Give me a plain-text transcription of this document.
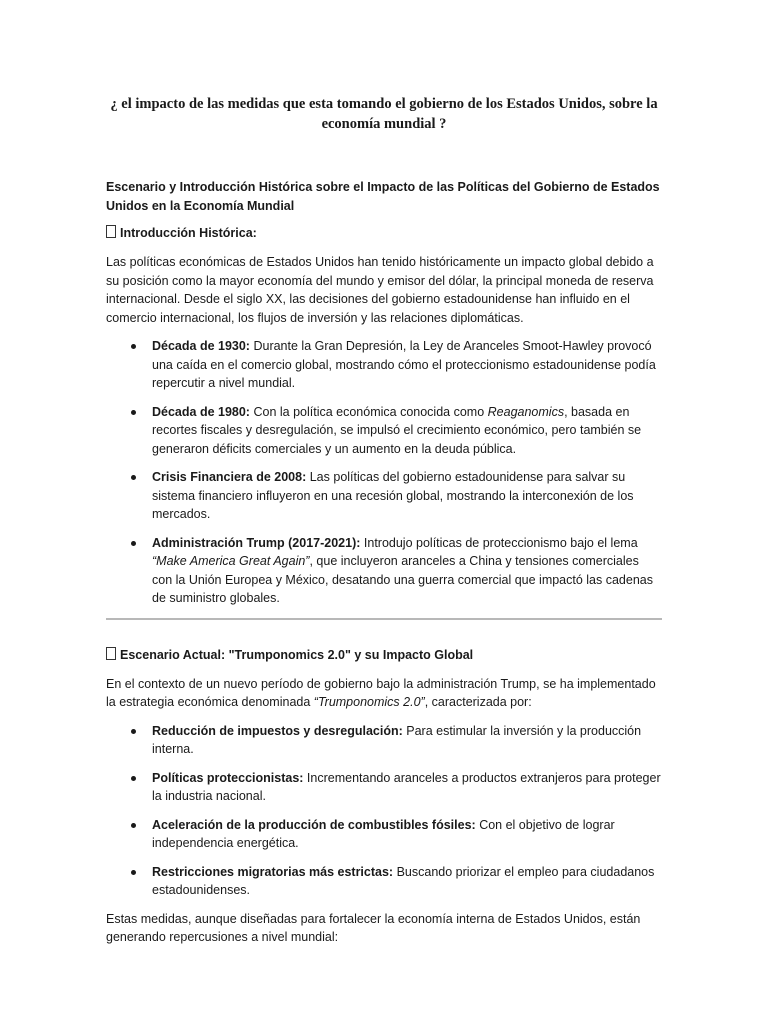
¿ el impacto de las medidas que esta tomando el gobierno de los Estados Unidos, sobre la economía mundial ?
Escenario y Introducción Histórica sobre el Impacto de las Políticas del Gobierno de Estados Unidos en la Economía Mundial
Introducción Histórica:

Las políticas económicas de Estados Unidos han tenido históricamente un impacto global debido a su posición como la mayor economía del mundo y emisor del dólar, la principal moneda de reserva internacional. Desde el siglo XX, las decisiones del gobierno estadounidense han influido en el comercio internacional, los flujos de inversión y las relaciones diplomáticas.

Década de 1930: Durante la Gran Depresión, la Ley de Aranceles Smoot-Hawley provocó una caída en el comercio global, mostrando cómo el proteccionismo estadounidense podía repercutir a nivel mundial.
Década de 1980: Con la política económica conocida como Reaganomics, basada en recortes fiscales y desregulación, se impulsó el crecimiento económico, pero también se generaron déficits comerciales y un aumento en la deuda pública.
Crisis Financiera de 2008: Las políticas del gobierno estadounidense para salvar su sistema financiero influyeron en una recesión global, mostrando la interconexión de los mercados.
Administración Trump (2017-2021): Introdujo políticas de proteccionismo bajo el lema “Make America Great Again”, que incluyeron aranceles a China y tensiones comerciales con la Unión Europea y México, desatando una guerra comercial que impactó las cadenas de suministro globales.
Escenario Actual: "Trumponomics 2.0" y su Impacto Global

En el contexto de un nuevo período de gobierno bajo la administración Trump, se ha implementado la estrategia económica denominada “Trumponomics 2.0”, caracterizada por:

Reducción de impuestos y desregulación: Para estimular la inversión y la producción interna.
Políticas proteccionistas: Incrementando aranceles a productos extranjeros para proteger la industria nacional.
Aceleración de la producción de combustibles fósiles: Con el objetivo de lograr independencia energética.
Restricciones migratorias más estrictas: Buscando priorizar el empleo para ciudadanos estadounidenses.

Estas medidas, aunque diseñadas para fortalecer la economía interna de Estados Unidos, están generando repercusiones a nivel mundial:
